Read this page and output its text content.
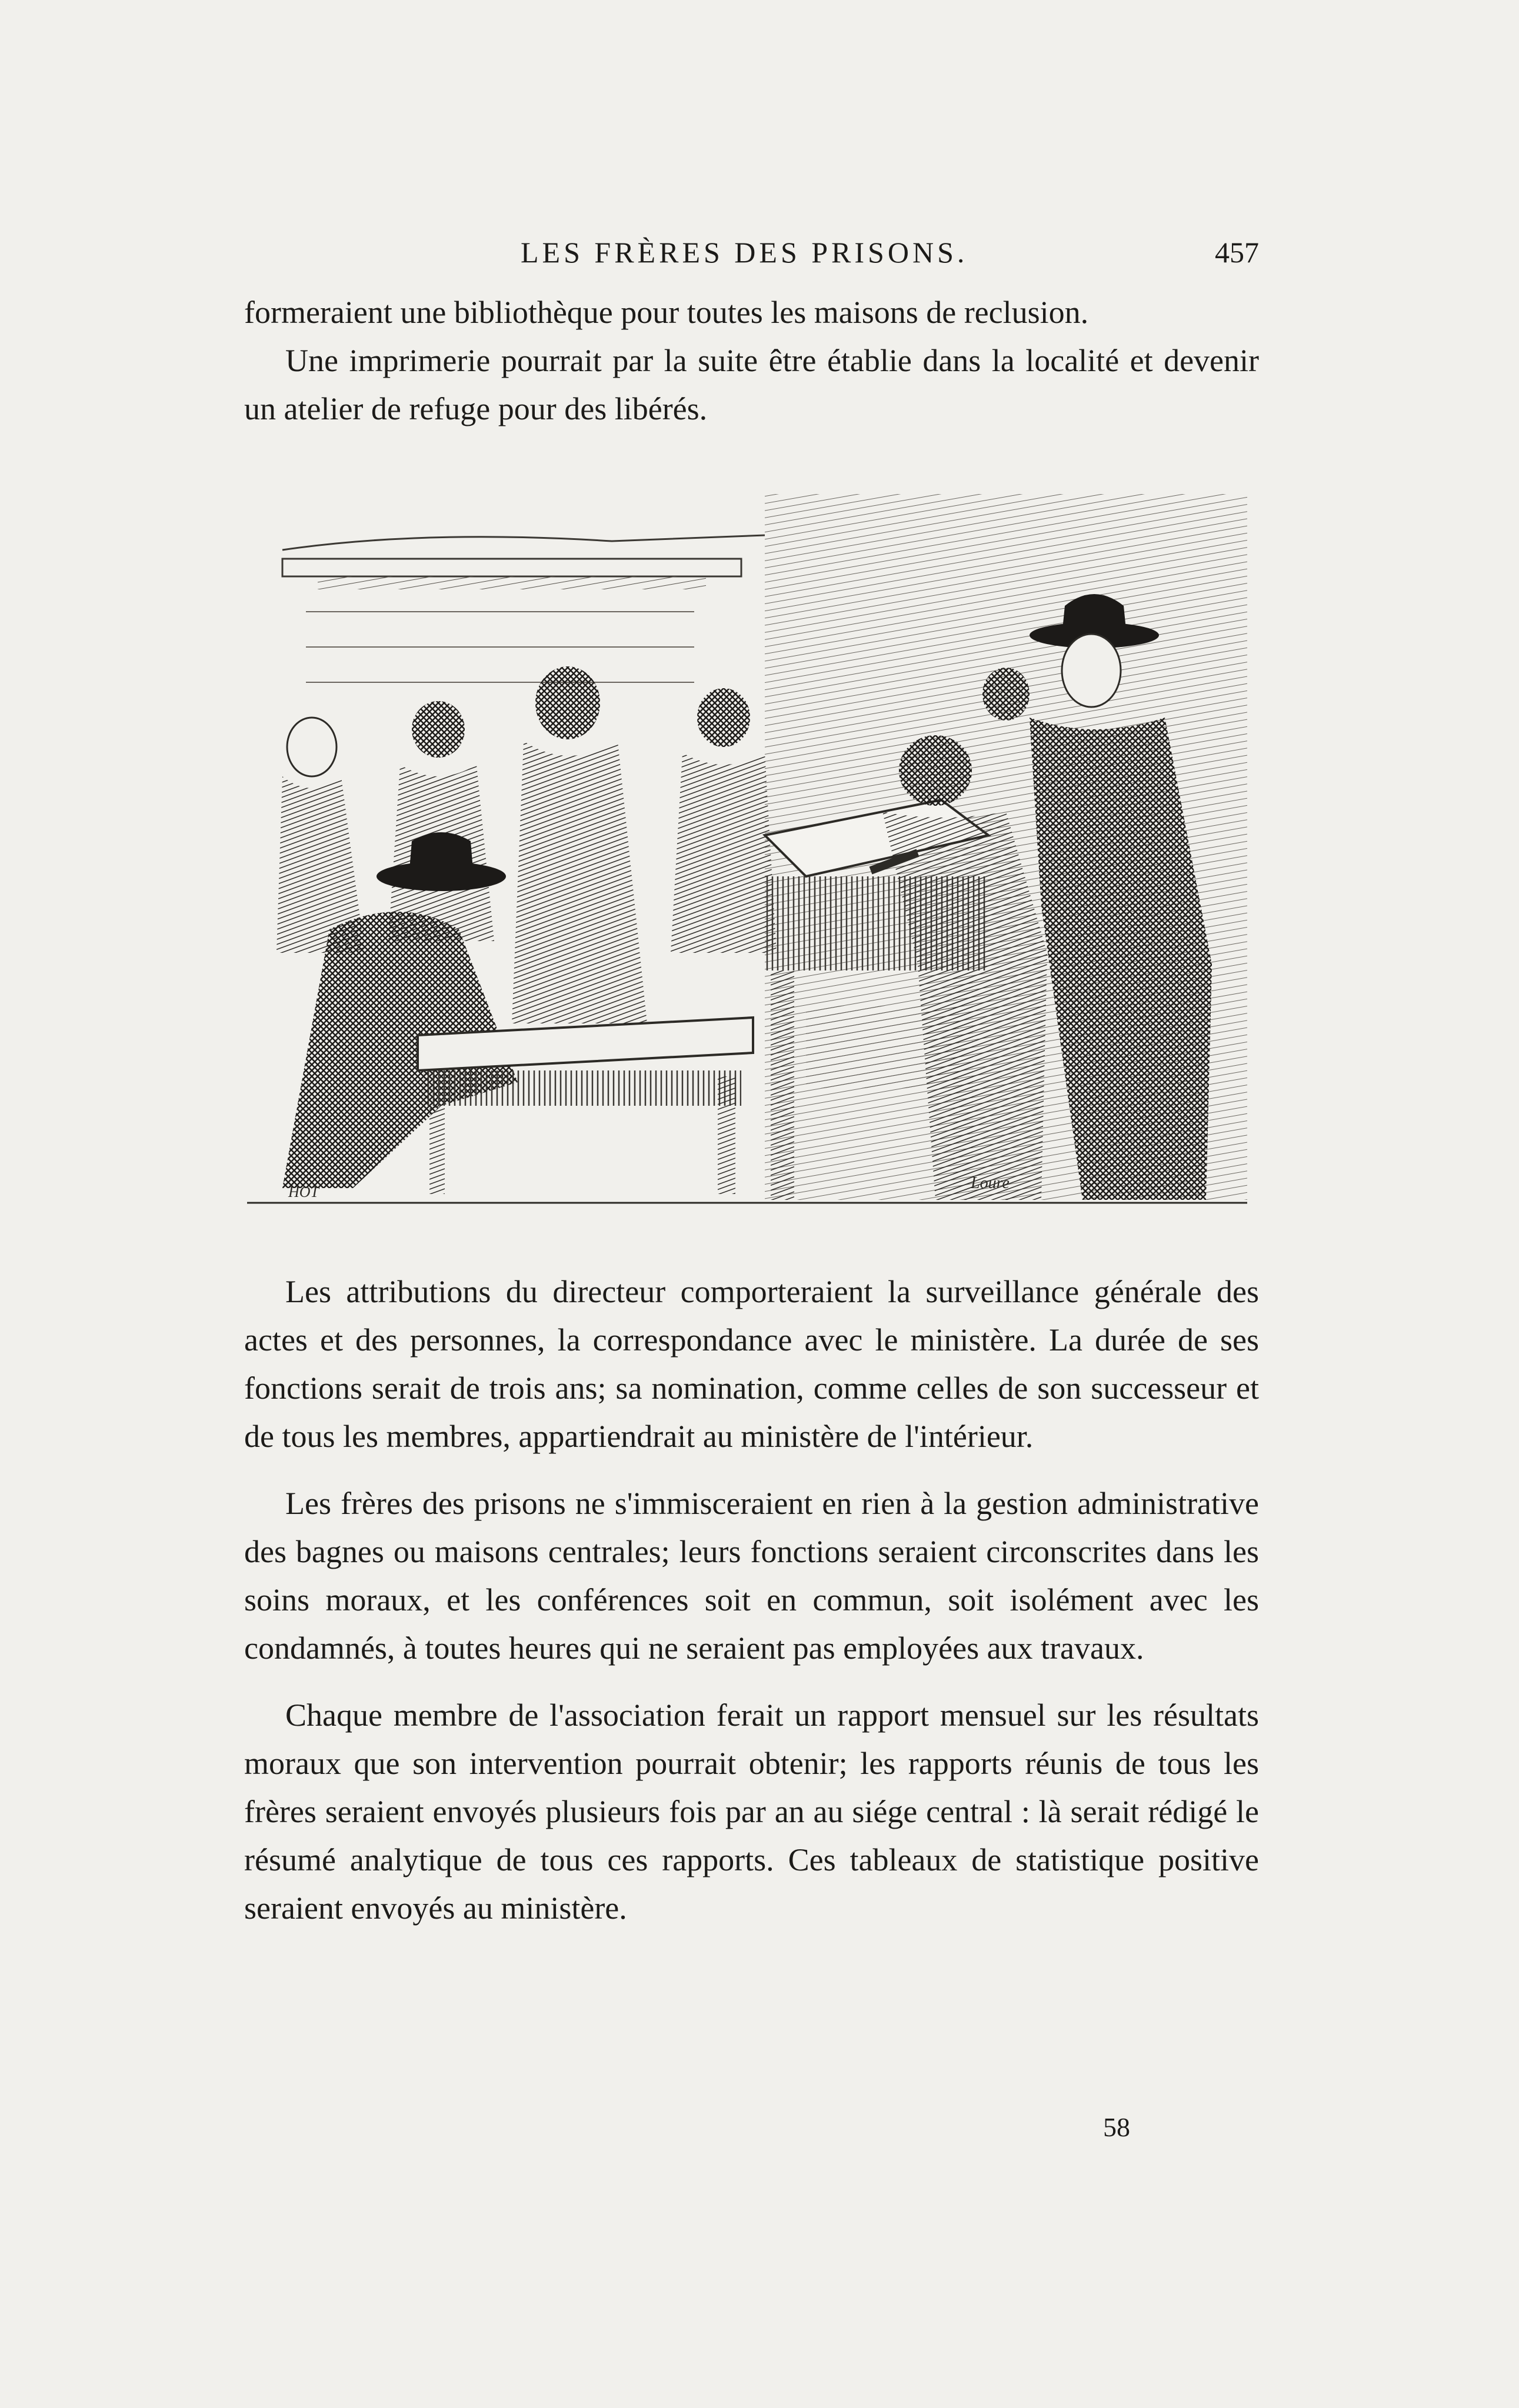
LES FRÈRES DES PRISONS.	457

formeraient une bibliothèque pour toutes les maisons de reclusion.

Une imprimerie pourrait par la suite être établie dans la localité et devenir un atelier de refuge pour des libérés.

HOT	Loure

Les attributions du directeur comporteraient la surveillance générale des actes et des personnes, la correspondance avec le ministère. La durée de ses fonctions serait de trois ans; sa nomination, comme celles de son successeur et de tous les membres, appartiendrait au ministère de l'intérieur.

Les frères des prisons ne s'immisceraient en rien à la gestion administrative des bagnes ou maisons centrales; leurs fonctions seraient circonscrites dans les soins moraux, et les conférences soit en commun, soit isolément avec les condamnés, à toutes heures qui ne seraient pas employées aux travaux.

Chaque membre de l'association ferait un rapport mensuel sur les résultats moraux que son intervention pourrait obtenir; les rapports réunis de tous les frères seraient envoyés plusieurs fois par an au siége central : là serait rédigé le résumé analytique de tous ces rapports. Ces tableaux de statistique positive seraient envoyés au ministère.

58
